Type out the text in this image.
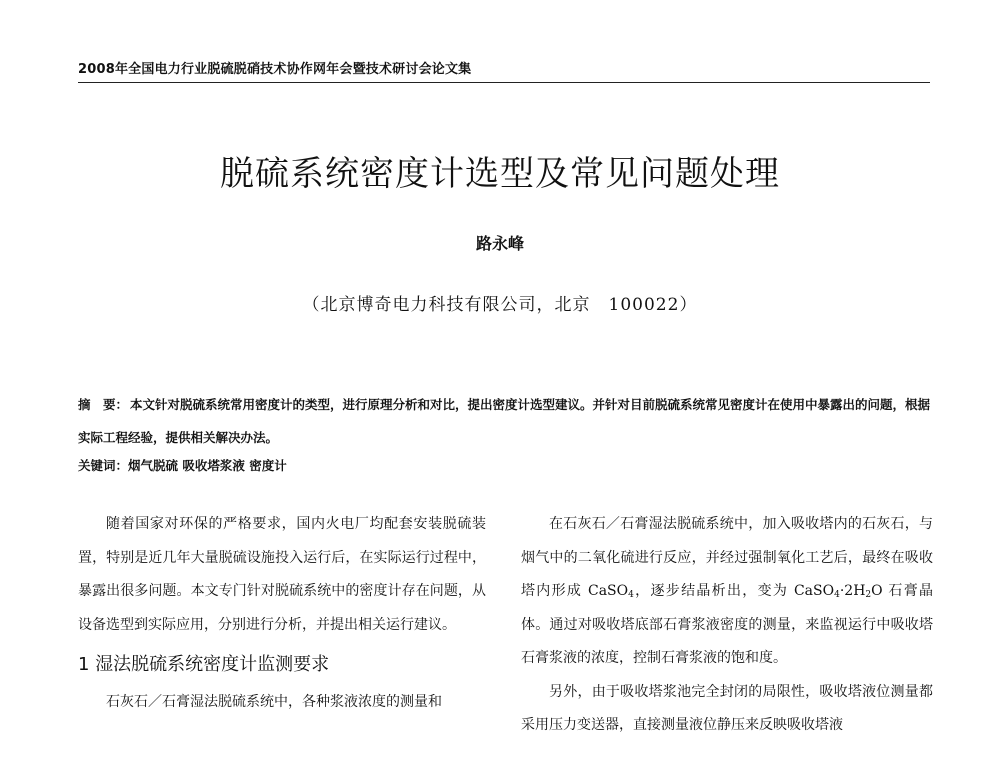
2008年全国电力行业脱硫脱硝技术协作网年会暨技术研讨会论文集
脱硫系统密度计选型及常见问题处理
路永峰
（北京博奇电力科技有限公司，北京　100022）
摘　要： 本文针对脱硫系统常用密度计的类型，进行原理分析和对比，提出密度计选型建议。并针对目前脱硫系统常见密度计在使用中暴露出的问题，根据实际工程经验，提供相关解决办法。
关键词：烟气脱硫 吸收塔浆液 密度计

随着国家对环保的严格要求，国内火电厂均配套安装脱硫装置，特别是近几年大量脱硫设施投入运行后，在实际运行过程中，暴露出很多问题。本文专门针对脱硫系统中的密度计存在问题，从设备选型到实际应用，分别进行分析，并提出相关运行建议。

1 湿法脱硫系统密度计监测要求

石灰石／石膏湿法脱硫系统中，各种浆液浓度的测量和

在石灰石／石膏湿法脱硫系统中，加入吸收塔内的石灰石，与烟气中的二氧化硫进行反应，并经过强制氧化工艺后，最终在吸收塔内形成 CaSO$_4$，逐步结晶析出，变为 $CaSO_4\cdot 2H_2O$ 石膏晶体。通过对吸收塔底部石膏浆液密度的测量，来监视运行中吸收塔石膏浆液的浓度，控制石膏浆液的饱和度。

另外，由于吸收塔浆池完全封闭的局限性，吸收塔液位测量都采用压力变送器，直接测量液位静压来反映吸收塔液
